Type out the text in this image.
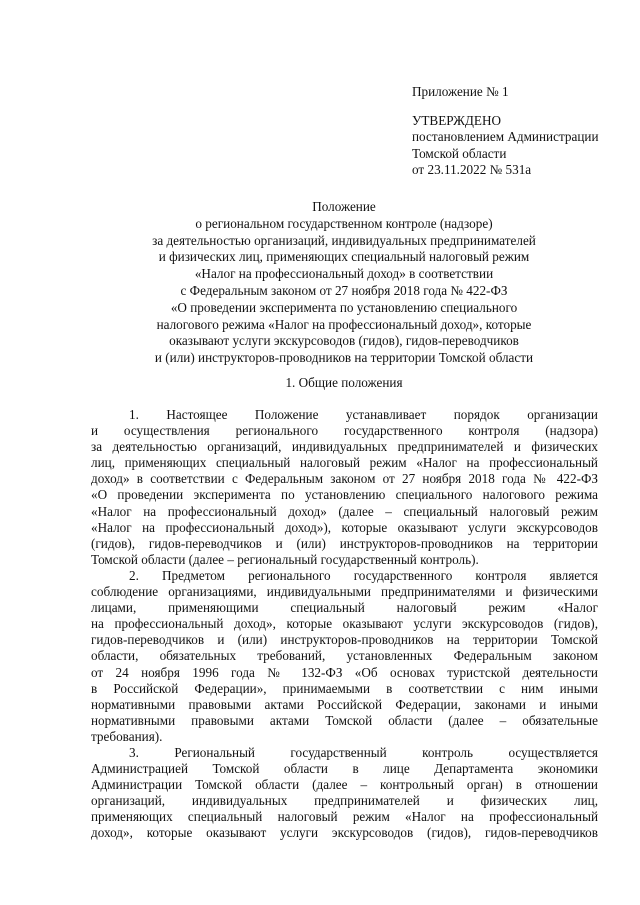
Приложение № 1
УТВЕРЖДЕНО
постановлением Администрации
Томской области
от 23.11.2022 № 531а
Положение
о региональном государственном контроле (надзоре)
за деятельностью организаций, индивидуальных предпринимателей
и физических лиц, применяющих специальный налоговый режим
«Налог на профессиональный доход» в соответствии
с Федеральным законом от 27 ноября 2018 года № 422-ФЗ
«О проведении эксперимента по установлению специального
налогового режима «Налог на профессиональный доход», которые
оказывают услуги экскурсоводов (гидов), гидов-переводчиков
и (или) инструкторов-проводников на территории Томской области
1. Общие положения
1. Настоящее Положение устанавливает порядок организации
и осуществления регионального государственного контроля (надзора)
за деятельностью организаций, индивидуальных предпринимателей и физических
лиц, применяющих специальный налоговый режим «Налог на профессиональный
доход» в соответствии с Федеральным законом от 27 ноября 2018 года № 422-ФЗ
«О проведении эксперимента по установлению специального налогового режима
«Налог на профессиональный доход» (далее – специальный налоговый режим
«Налог на профессиональный доход»), которые оказывают услуги экскурсоводов
(гидов), гидов-переводчиков и (или) инструкторов-проводников на территории
Томской области (далее – региональный государственный контроль).
2. Предметом регионального государственного контроля является
соблюдение организациями, индивидуальными предпринимателями и физическими
лицами, применяющими специальный налоговый режим «Налог
на профессиональный доход», которые оказывают услуги экскурсоводов (гидов),
гидов-переводчиков и (или) инструкторов-проводников на территории Томской
области, обязательных требований, установленных Федеральным законом
от 24 ноября 1996 года № 132-ФЗ «Об основах туристской деятельности
в Российской Федерации», принимаемыми в соответствии с ним иными
нормативными правовыми актами Российской Федерации, законами и иными
нормативными правовыми актами Томской области (далее – обязательные
требования).
3. Региональный государственный контроль осуществляется
Администрацией Томской области в лице Департамента экономики
Администрации Томской области (далее – контрольный орган) в отношении
организаций, индивидуальных предпринимателей и физических лиц,
применяющих специальный налоговый режим «Налог на профессиональный
доход», которые оказывают услуги экскурсоводов (гидов), гидов-переводчиков
